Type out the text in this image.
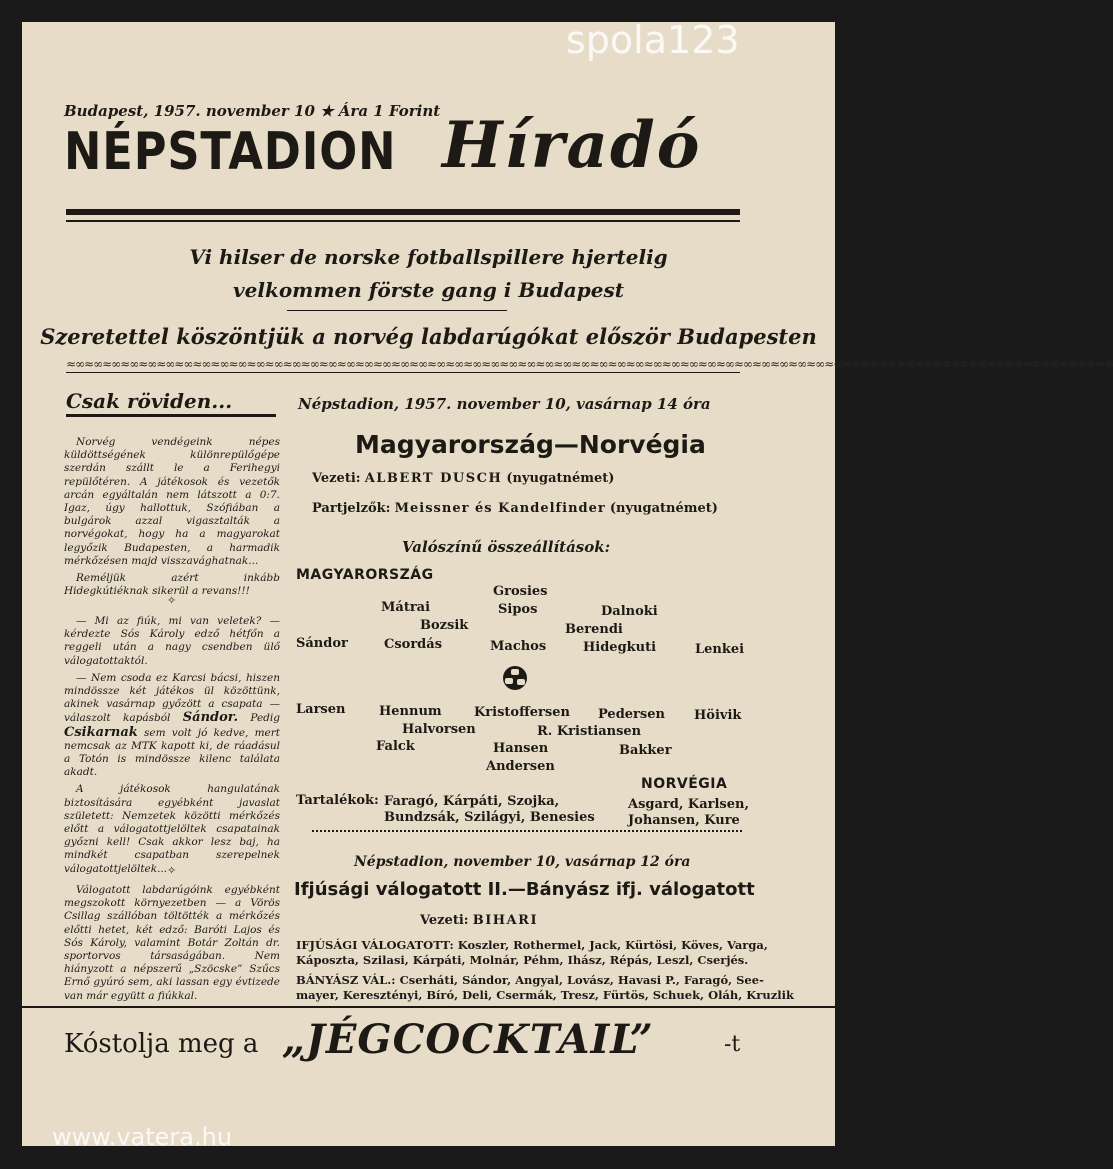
Budapest, 1957. november 10 ★ Ára 1 Forint
NÉPSTADION Híradó
Vi hilser de norske fotballspillere hjertelig
velkommen förste gang i Budapest
Szeretettel köszöntjük a norvég labdarúgókat először Budapesten
≈∞≈∞≈∞≈∞≈∞≈∞≈∞≈∞≈∞≈∞≈∞≈∞≈∞≈∞≈∞≈∞≈∞≈∞≈∞≈∞≈∞≈∞≈∞≈∞≈∞≈∞≈∞≈∞≈∞≈∞≈∞≈∞≈∞≈∞≈∞≈∞≈∞≈∞≈∞≈∞≈∞≈∞≈∞≈∞≈∞≈∞≈∞≈∞≈∞≈∞≈∞≈∞≈∞≈∞≈∞≈∞≈∞≈∞
Csak röviden...

Norvég vendégeink népes küldöttségének különrepülőgépe szerdán szállt le a Ferihegyi repülőtéren. A játékosok és vezetők arcán egyáltalán nem látszott a 0:7. Igaz, úgy hallottuk, Szófiában a bulgárok azzal vigasztalták a norvégokat, hogy ha a magyarokat legyőzik Budapesten, a harmadik mérkőzésen majd visszavághatnak...

Reméljük azért inkább Hidegkútiéknak sikerül a revans!!!

✧

— Mi az fiúk, mi van veletek? — kérdezte Sós Károly edző hétfőn a reggeli után a nagy csendben ülő válogatottaktól.

— Nem csoda ez Karcsi bácsi, hiszen mindössze két játékos ül közöttünk, akinek vasárnap győzött a csapata — válaszolt kapásból Sándor. Pedig Csikarnak sem volt jó kedve, mert nemcsak az MTK kapott ki, de ráadásul a Totón is mindössze kilenc találata akadt.

A játékosok hangulatának biztosítására egyébként javaslat született: Nemzetek közötti mérkőzés előtt a válogatottjelöltek csapatainak győzni kell! Csak akkor lesz baj, ha mindkét csapatban szerepelnek válogatottjelöltek... ✧

Válogatott labdarúgóink egyébként megszokott környezetben — a Vörös Csillag szállóban töltötték a mérkőzés előtti hetet, két edző: Baróti Lajos és Sós Károly, valamint Botár Zoltán dr. sportorvos társaságában. Nem hiányzott a népszerű „Szöcske” Szűcs Ernő gyúró sem, aki lassan egy évtizede van már együtt a fiúkkal.

Népstadion, 1957. november 10, vasárnap 14 óra
Magyarország—Norvégia
Vezeti: ALBERT DUSCH (nyugatnémet)
Partjelzők: Meissner és Kandelfinder (nyugatnémet)
Valószínű összeállítások:
MAGYARORSZÁG
Grosies
Mátrai	Sipos	Dalnoki
Bozsik	Berendi
Sándor	Csordás	Machos	Hidegkuti	Lenkei
Larsen	Hennum Kristoffersen Pedersen Höivik
Halvorsen	R. Kristiansen
Falck	Hansen	Bakker
Andersen
NORVÉGIA
Tartalékok: Faragó, Kárpáti, Szojka,
Bundzsák, Szilágyi, Benesies
Asgard, Karlsen,
Johansen, Kure
Népstadion, november 10, vasárnap 12 óra
Ifjúsági válogatott II.—Bányász ifj. válogatott
Vezeti: BIHARI
IFJÚSÁGI VÁLOGATOTT: Koszler, Rothermel, Jack, Kürtösi, Köves, Varga,
Káposzta, Szilasi, Kárpáti, Molnár, Péhm, Ihász, Répás, Leszl, Cserjés.
BÁNYÁSZ VÁL.: Cserháti, Sándor, Angyal, Lovász, Havasi P., Faragó, See-
mayer, Keresztényi, Bíró, Deli, Csermák, Tresz, Fürtös, Schuek, Oláh, Kruzlik
Kóstolja meg a „JÉGCOCKTAIL”	-t
spola123
www.vatera.hu
